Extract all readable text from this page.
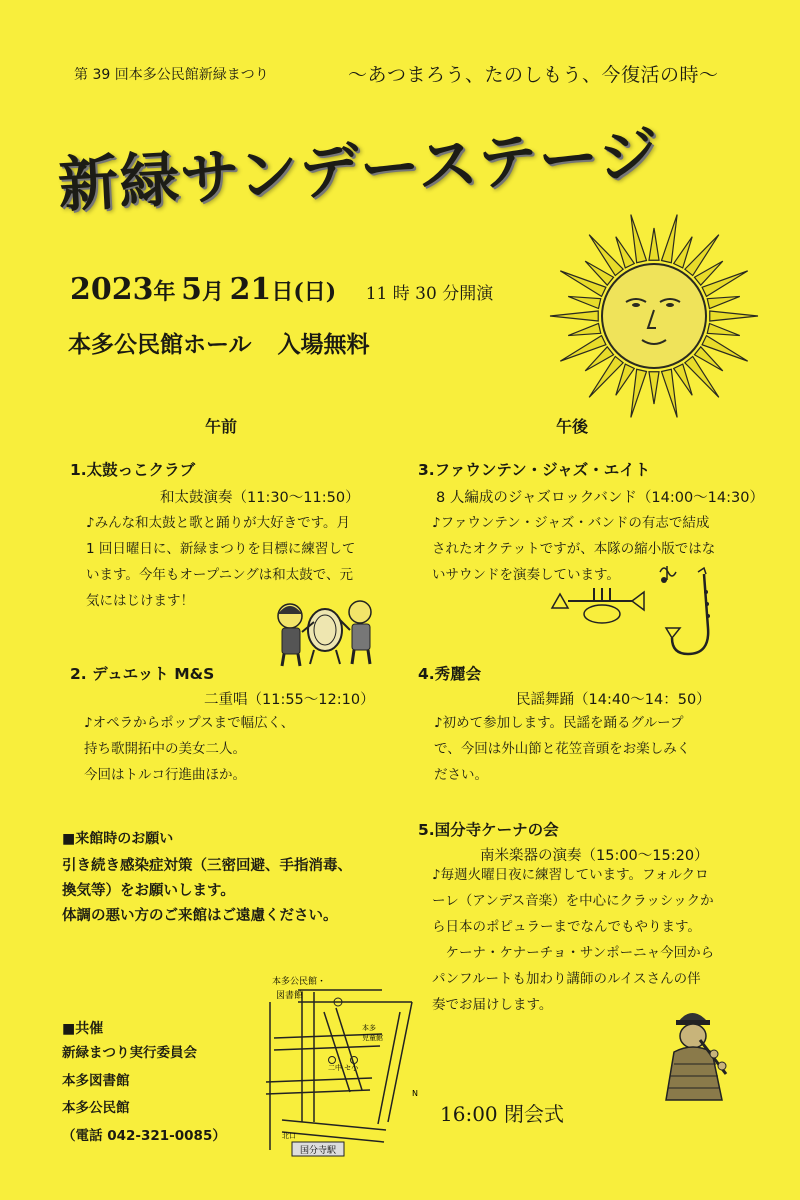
第 39 回本多公民館新緑まつり	～あつまろう、たのしもう、今復活の時～
新緑サンデーステージ
2023年 5月 21日(日) 11 時 30 分開演
本多公民館ホール 入場無料
午前	午後
1.太鼓っこクラブ
和太鼓演奏（11:30～11:50）
♪みんな和太鼓と歌と踊りが大好きです。月
1 回日曜日に、新緑まつりを目標に練習して
います。今年もオープニングは和太鼓で、元
気にはじけます！
2. デュエット M&S
二重唱（11:55～12:10）
♪オペラからポップスまで幅広く、
持ち歌開拓中の美女二人。
今回はトルコ行進曲ほか。
3.ファウンテン・ジャズ・エイト
8 人編成のジャズロックバンド（14:00～14:30）
♪ファウンテン・ジャズ・バンドの有志で結成
されたオクテットですが、本隊の縮小版ではな
いサウンドを演奏しています。
4.秀麗会
民謡舞踊（14:40～14：50）
♪初めて参加します。民謡を踊るグループ
で、今回は外山節と花笠音頭をお楽しみく
ださい。
5.国分寺ケーナの会
南米楽器の演奏（15:00～15:20）
♪毎週火曜日夜に練習しています。フォルクロ
ーレ（アンデス音楽）を中心にクラッシックか
ら日本のポピュラーまでなんでもやります。
　ケーナ・ケナーチョ・サンポーニャ今回から
パンフルートも加わり講師のルイスさんの伴
奏でお届けします。
■来館時のお願い
引き続き感染症対策（三密回避、手指消毒、
換気等）をお願いします。
体調の悪い方のご来館はご遠慮ください。
■共催
新緑まつり実行委員会
本多図書館
本多公民館
（電話 042-321-0085）
国分寺駅
北口
本多公民館・
図書館
本多
児童館
二中 セ小
N
16:00 閉会式
